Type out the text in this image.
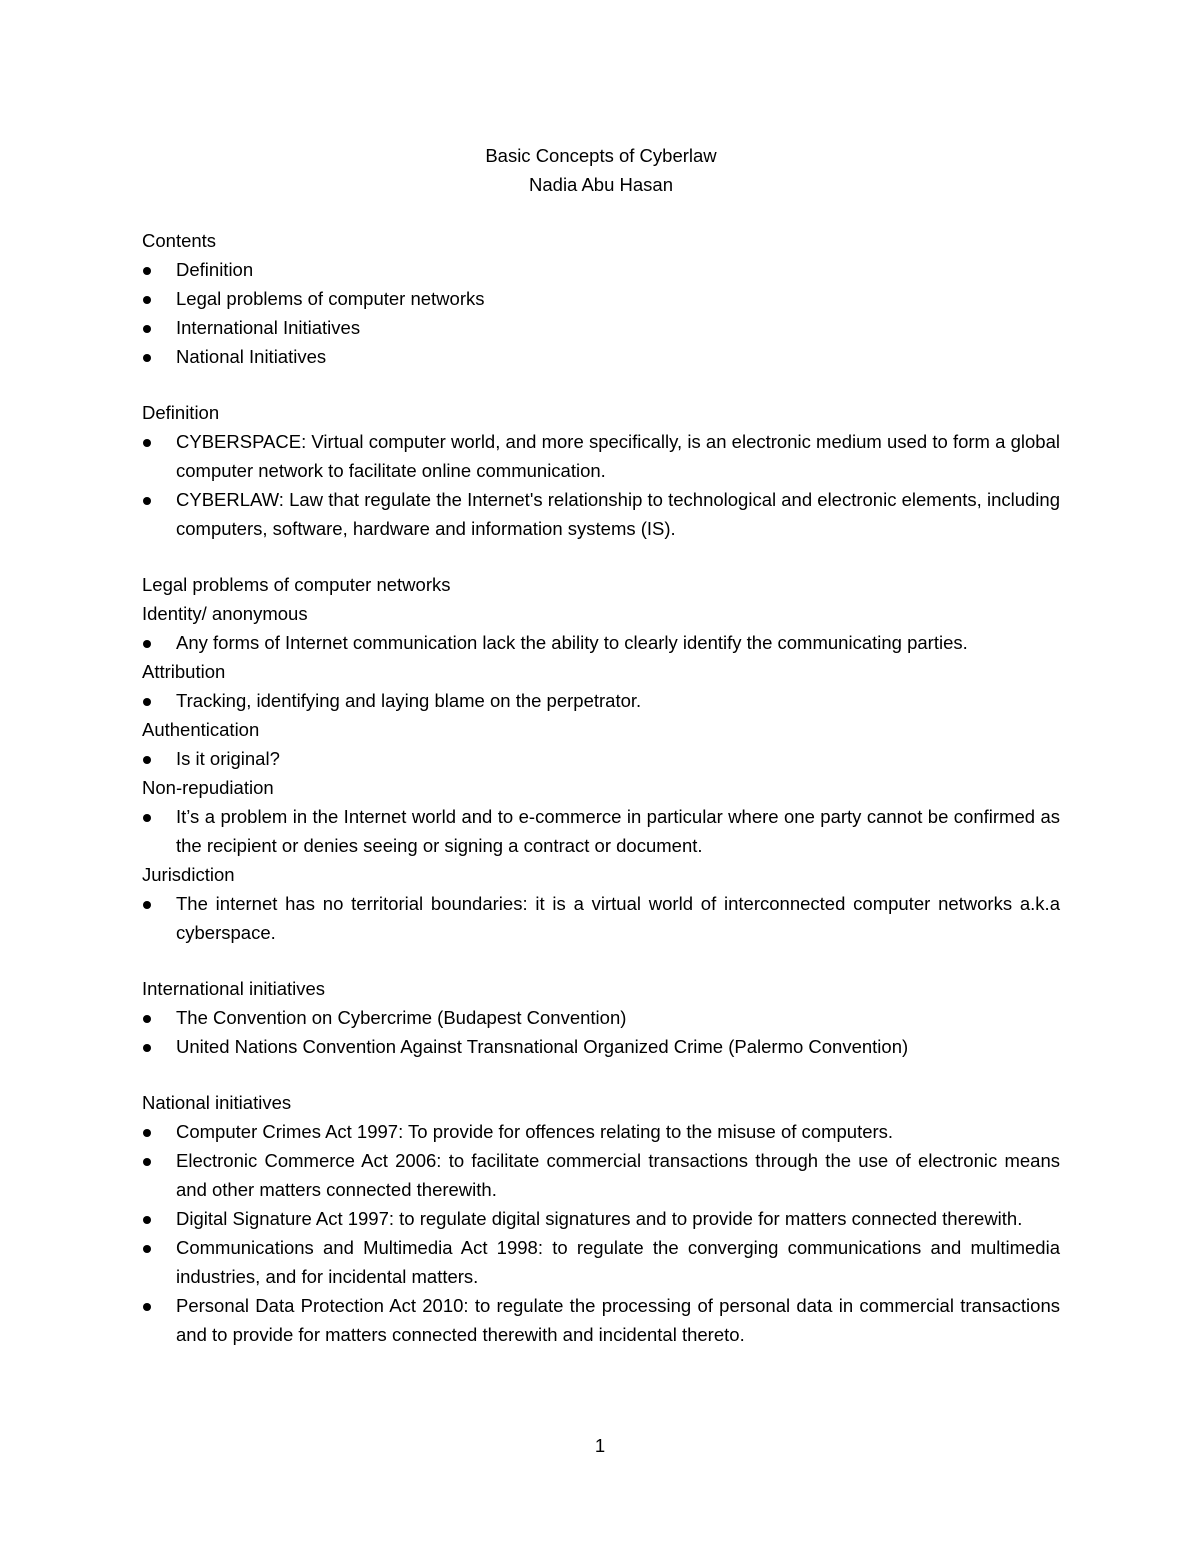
Basic Concepts of Cyberlaw

Nadia Abu Hasan

Contents

Definition
Legal problems of computer networks
International Initiatives
National Initiatives

Definition

CYBERSPACE: Virtual computer world, and more specifically, is an electronic medium used to form a global computer network to facilitate online communication.
CYBERLAW: Law that regulate the Internet's relationship to technological and electronic elements, including computers, software, hardware and information systems (IS).

Legal problems of computer networks

Identity/ anonymous

Any forms of Internet communication lack the ability to clearly identify the communicating parties.

Attribution

Tracking, identifying and laying blame on the perpetrator.

Authentication

Is it original?

Non-repudiation

It’s a problem in the Internet world and to e-commerce in particular where one party cannot be confirmed as the recipient or denies seeing or signing a contract or document.

Jurisdiction

The internet has no territorial boundaries: it is a virtual world of interconnected computer networks a.k.a cyberspace.

International initiatives

The Convention on Cybercrime (Budapest Convention)
United Nations Convention Against Transnational Organized Crime (Palermo Convention)

National initiatives

Computer Crimes Act 1997: To provide for offences relating to the misuse of computers.
Electronic Commerce Act 2006: to facilitate commercial transactions through the use of electronic means and other matters connected therewith.
Digital Signature Act 1997: to regulate digital signatures and to provide for matters connected therewith.
Communications and Multimedia Act 1998: to regulate the converging communications and multimedia industries, and for incidental matters.
Personal Data Protection Act 2010: to regulate the processing of personal data in commercial transactions and to provide for matters connected therewith and incidental thereto.
1
